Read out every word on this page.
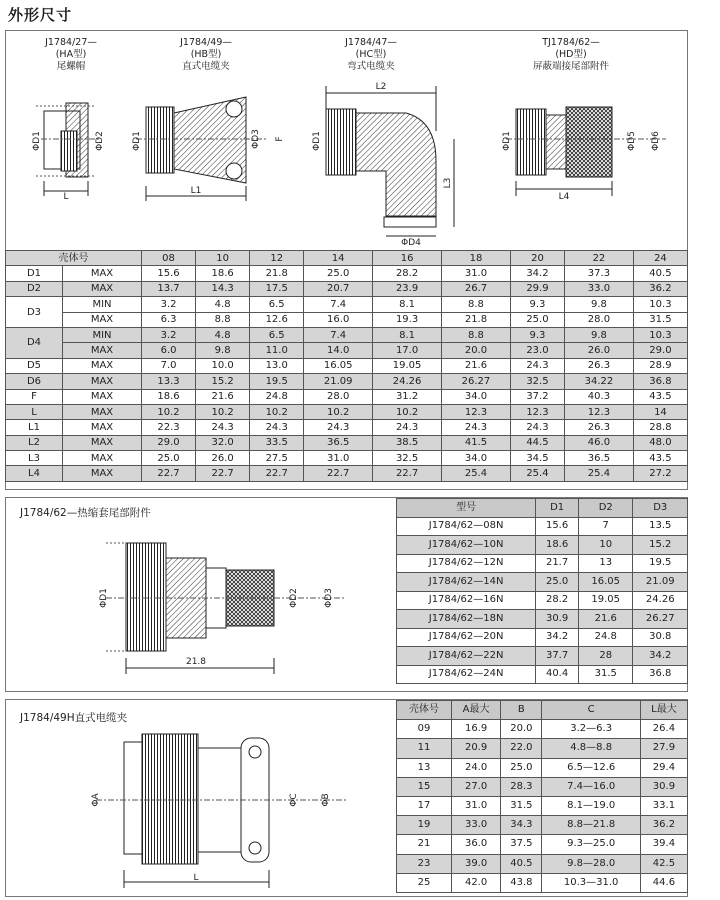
外形尺寸
J1784/27—
(HA型)
尾螺帽
J1784/49—
(HB型)
直式电缆夹
J1784/47—
(HC型)
弯式电缆夹
TJ1784/62—
(HD型)
屏蔽端接尾部附件
L
ΦD1	ΦD2
L1
ΦD1	ΦD3 F
L2
L3
ΦD4
ΦD1
L4
ΦD1	ΦD5 ΦD6
壳体号		08	10	12	14	16	18	20	22	24
D1	MAX	15.6	18.6	21.8	25.0	28.2	31.0	34.2	37.3	40.5
D2	MAX	13.7	14.3	17.5	20.7	23.9	26.7	29.9	33.0	36.2
D3	MIN	3.2	4.8	6.5	7.4	8.1	8.8	9.3	9.8	10.3
	MAX	6.3	8.8	12.6	16.0	19.3	21.8	25.0	28.0	31.5
D4	MIN	3.2	4.8	6.5	7.4	8.1	8.8	9.3	9.8	10.3
	MAX	6.0	9.8	11.0	14.0	17.0	20.0	23.0	26.0	29.0
D5	MAX	7.0	10.0	13.0	16.05	19.05	21.6	24.3	26.3	28.9
D6	MAX	13.3	15.2	19.5	21.09	24.26	26.27	32.5	34.22	36.8
F	MAX	18.6	21.6	24.8	28.0	31.2	34.0	37.2	40.3	43.5
L	MAX	10.2	10.2	10.2	10.2	10.2	12.3	12.3	12.3	14
L1	MAX	22.3	24.3	24.3	24.3	24.3	24.3	24.3	26.3	28.8
L2	MAX	29.0	32.0	33.5	36.5	38.5	41.5	44.5	46.0	48.0
L3	MAX	25.0	26.0	27.5	31.0	32.5	34.0	34.5	36.5	43.5
L4	MAX	22.7	22.7	22.7	22.7	22.7	25.4	25.4	25.4	27.2
J1784/62—热缩套尾部附件
21.8
ΦD1	ΦD2	ΦD3
型号	D1	D2	D3
J1784/62—08N	15.6	7	13.5
J1784/62—10N	18.6	10	15.2
J1784/62—12N	21.7	13	19.5
J1784/62—14N	25.0	16.05	21.09
J1784/62—16N	28.2	19.05	24.26
J1784/62—18N	30.9	21.6	26.27
J1784/62—20N	34.2	24.8	30.8
J1784/62—22N	37.7	28	34.2
J1784/62—24N	40.4	31.5	36.8
J1784/49H直式电缆夹
L
ΦA	ΦC ΦB
壳体号	A最大	B	C	L最大
09	16.9	20.0	3.2—6.3	26.4
11	20.9	22.0	4.8—8.8	27.9
13	24.0	25.0	6.5—12.6	29.4
15	27.0	28.3	7.4—16.0	30.9
17	31.0	31.5	8.1—19.0	33.1
19	33.0	34.3	8.8—21.8	36.2
21	36.0	37.5	9.3—25.0	39.4
23	39.0	40.5	9.8—28.0	42.5
25	42.0	43.8	10.3—31.0	44.6
